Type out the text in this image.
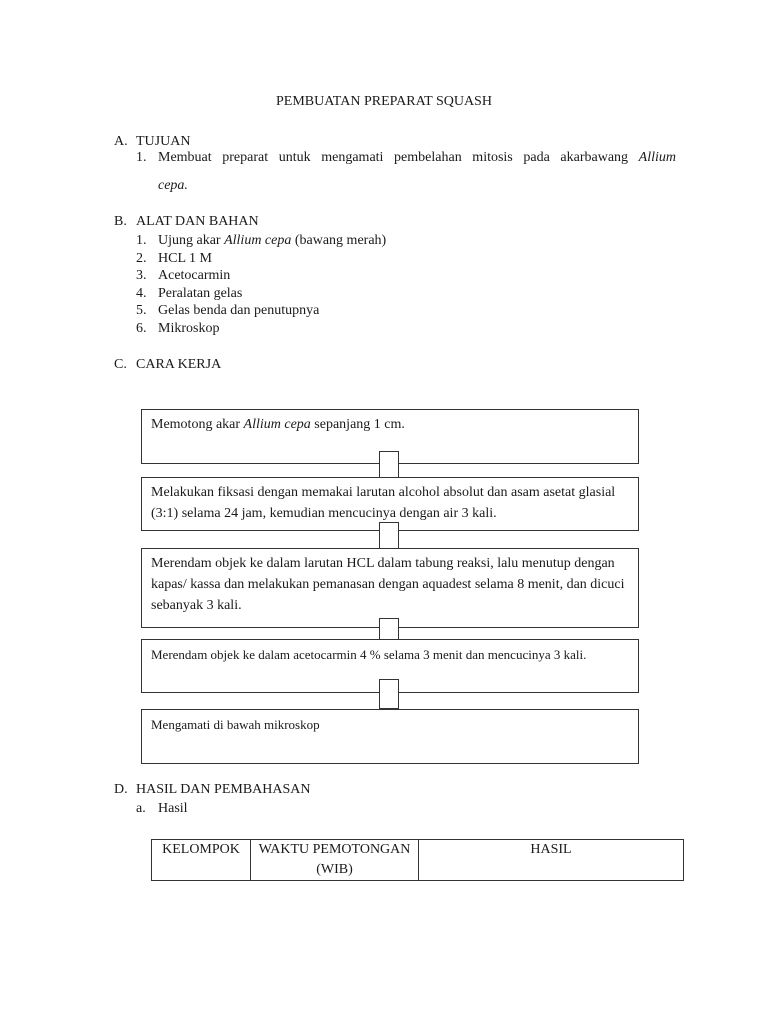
PEMBUATAN PREPARAT SQUASH
A. TUJUAN
1. Membuat preparat untuk mengamati pembelahan mitosis pada akarbawang Allium
cepa.
B. ALAT DAN BAHAN
1. Ujung akar Allium cepa (bawang merah)
2. HCL 1 M
3. Acetocarmin
4. Peralatan gelas
5. Gelas benda dan penutupnya
6. Mikroskop
C. CARA KERJA
Memotong akar Allium cepa sepanjang 1 cm.
Melakukan fiksasi dengan memakai larutan alcohol absolut dan asam asetat glasial (3:1) selama 24 jam, kemudian mencucinya dengan air 3 kali.
Merendam objek ke dalam larutan HCL dalam tabung reaksi, lalu menutup dengan kapas/ kassa dan melakukan pemanasan dengan aquadest selama 8 menit, dan dicuci sebanyak 3 kali.
Merendam objek ke dalam acetocarmin 4 % selama 3 menit dan mencucinya 3 kali.
Mengamati di bawah mikroskop
D. HASIL DAN PEMBAHASAN
a. Hasil
KELOMPOK	WAKTU PEMOTONGAN (WIB)	HASIL
